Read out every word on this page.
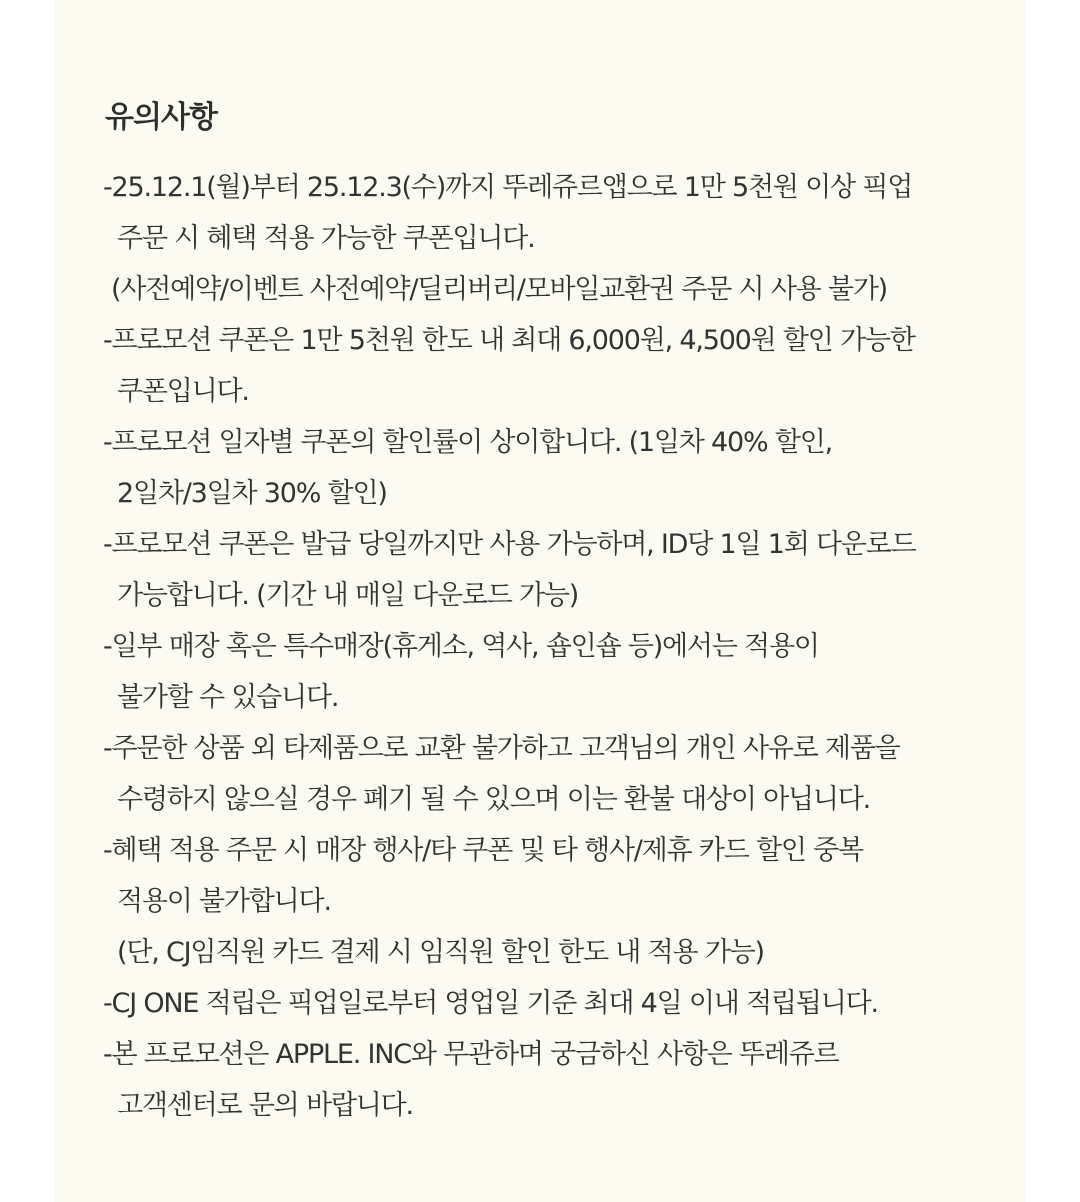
유의사항
-25.12.1(월)부터 25.12.3(수)까지 뚜레쥬르앱으로 1만 5천원 이상 픽업
주문 시 혜택 적용 가능한 쿠폰입니다.
(사전예약/이벤트 사전예약/딜리버리/모바일교환권 주문 시 사용 불가)
-프로모션 쿠폰은 1만 5천원 한도 내 최대 6,000원, 4,500원 할인 가능한
쿠폰입니다.
-프로모션 일자별 쿠폰의 할인률이 상이합니다. (1일차 40% 할인,
2일차/3일차 30% 할인)
-프로모션 쿠폰은 발급 당일까지만 사용 가능하며, ID당 1일 1회 다운로드
가능합니다. (기간 내 매일 다운로드 가능)
-일부 매장 혹은 특수매장(휴게소, 역사, 숍인숍 등)에서는 적용이
불가할 수 있습니다.
-주문한 상품 외 타제품으로 교환 불가하고 고객님의 개인 사유로 제품을
수령하지 않으실 경우 폐기 될 수 있으며 이는 환불 대상이 아닙니다.
-혜택 적용 주문 시 매장 행사/타 쿠폰 및 타 행사/제휴 카드 할인 중복
적용이 불가합니다.
(단, CJ임직원 카드 결제 시 임직원 할인 한도 내 적용 가능)
-CJ ONE 적립은 픽업일로부터 영업일 기준 최대 4일 이내 적립됩니다.
-본 프로모션은 APPLE. INC와 무관하며 궁금하신 사항은 뚜레쥬르
고객센터로 문의 바랍니다.
